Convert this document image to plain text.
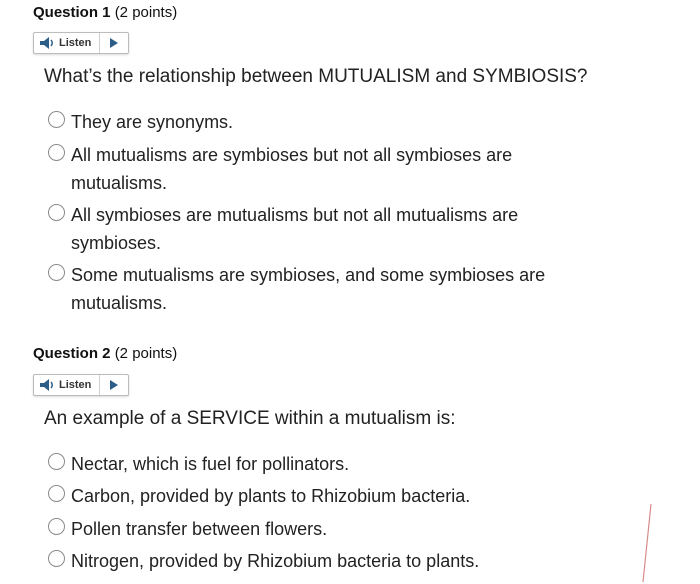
Question 1 (2 points)
Listen
What’s the relationship between MUTUALISM and SYMBIOSIS?
They are synonyms.
All mutualisms are symbioses but not all symbioses are mutualisms.
All symbioses are mutualisms but not all mutualisms are symbioses.
Some mutualisms are symbioses, and some symbioses are mutualisms.
Question 2 (2 points)
Listen
An example of a SERVICE within a mutualism is:
Nectar, which is fuel for pollinators.
Carbon, provided by plants to Rhizobium bacteria.
Pollen transfer between flowers.
Nitrogen, provided by Rhizobium bacteria to plants.
